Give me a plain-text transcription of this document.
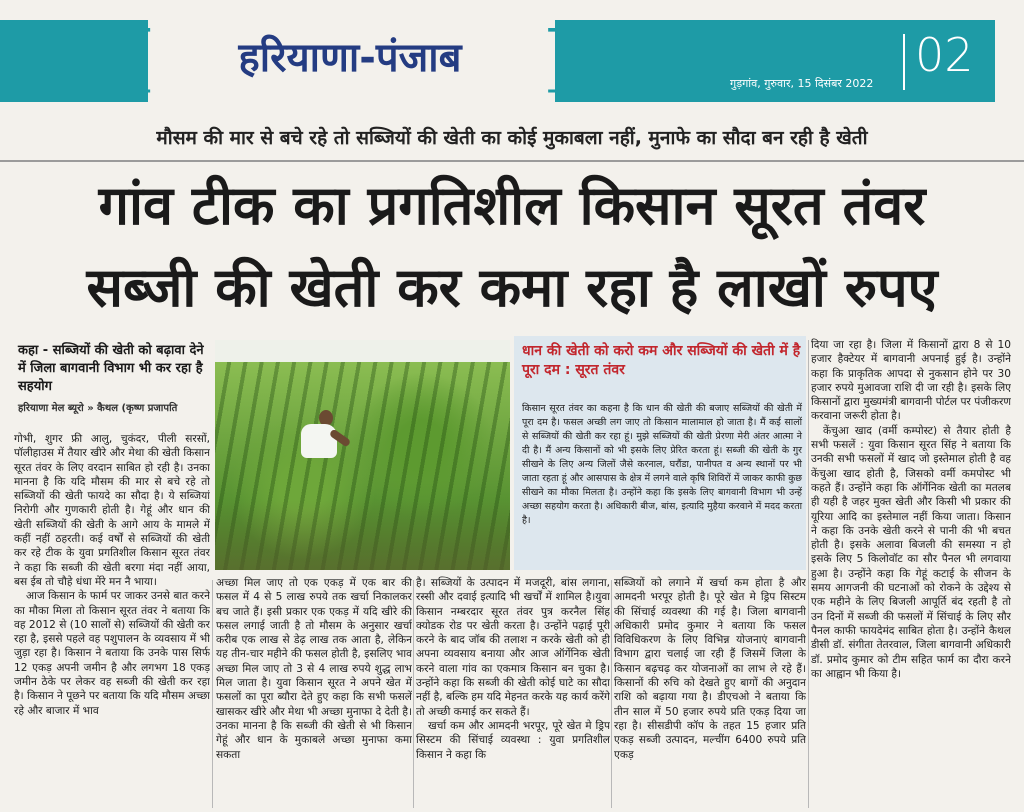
[	]
हरियाणा-पंजाब
गुड़गांव, गुरुवार, 15 दिसंबर 2022
02
मौसम की मार से बचे रहे तो सब्जियों की खेती का कोई मुकाबला नहीं, मुनाफे का सौदा बन रही है खेती
गांव टीक का प्रगतिशील किसान सूरत तंवर
सब्जी की खेती कर कमा रहा है लाखों रुपए
कहा - सब्जियों की खेती को बढ़ावा देने में जिला बागवानी विभाग भी कर रहा है सहयोग
हरियाणा मेल ब्यूरो » कैथल (कृष्ण प्रजापति
धान की खेती को करो कम और सब्जियों की खेती में है पूरा दम : सूरत तंवर
किसान सूरत तंवर का कहना है कि धान की खेती की बजाए सब्जियों की खेती में पूरा दम है। फसल अच्छी लग जाए तो किसान मालामाल हो जाता है। मैं कई सालों से सब्जियों की खेती कर रहा हूं। मुझे सब्जियों की खेती प्रेरणा मेरी अंतर आत्मा ने दी है। मैं अन्य किसानों को भी इसके लिए प्रेरित करता हूं। सब्जी की खेती के गुर सीखने के लिए अन्य जिलों जैसे करनाल, घरौंडा, पानीपत व अन्य स्थानों पर भी जाता रहता हूं और आसपास के क्षेत्र में लगने वाले कृषि शिविरों में जाकर काफी कुछ सीखने का मौका मिलता है। उन्होंने कहा कि इसके लिए बागवानी विभाग भी उन्हें अच्छा सहयोग करता है। अधिकारी बीज, बांस, इत्यादि मुहैया करवाने में मदद करता है।

गोभी, शुगर फ्री आलु, चुकंदर, पीली सरसों, पॉलीहाउस में तैयार खीरे और मेथा की खेती किसान सूरत तंवर के लिए वरदान साबित हो रही है। उनका मानना है कि यदि मौसम की मार से बचे रहे तो सब्जियों की खेती फायदे का सौदा है। ये सब्जियां निरोगी और गुणकारी होती है। गेहूं और धान की खेती सब्जियों की खेती के आगे आय के मामले में कहीं नहीं ठहरती। कई वर्षों से सब्जियों की खेती कर रहे टीक के युवा प्रगतिशील किसान सूरत तंवर ने कहा कि सब्जी की खेती बरगा मंदा नहीं आया, बस ईब तो चौहे धंधा मेंरे मन नै भाया।

आज किसान के फार्म पर जाकर उनसे बात करने का मौका मिला तो किसान सूरत तंवर ने बताया कि वह 2012 से (10 सालों से) सब्जियों की खेती कर रहा है, इससे पहले वह पशुपालन के व्यवसाय में भी जुड़ा रहा है। किसान ने बताया कि उनके पास सिर्फ 12 एकड़ अपनी जमीन है और लगभग 18 एकड़ जमीन ठेके पर लेकर वह सब्जी की खेती कर रहा है। किसान ने पूछने पर बताया कि यदि मौसम अच्छा रहे और बाजार में भाव

अच्छा मिल जाए तो एक एकड़ में एक बार की फसल में 4 से 5 लाख रुपये तक खर्चा निकालकर बच जाते हैं। इसी प्रकार एक एकड़ में यदि खीरे की फसल लगाई जाती है तो मौसम के अनुसार खर्चा करीब एक लाख से डेढ़ लाख तक आता है, लेकिन यह तीन-चार महीने की फसल होती है, इसलिए भाव अच्छा मिल जाए तो 3 से 4 लाख रुपये शुद्ध लाभ मिल जाता है। युवा किसान सूरत ने अपने खेत में फसलों का पूरा ब्यौरा देते हुए कहा कि सभी फसलें खासकर खीरे और मेथा भी अच्छा मुनाफा दे देती है। उनका मानना है कि सब्जी की खेती से भी किसान गेहूं और धान के मुकाबले अच्छा मुनाफा कमा सकता

है। सब्जियों के उत्पादन में मजदूरी, बांस लगाना, रस्सी और दवाई इत्यादि भी खर्चों में शामिल है।युवा किसान नम्बरदार सूरत तंवर पुत्र करनैल सिंह क्योडक रोड पर खेती करता है। उन्होंने पढ़ाई पूरी करने के बाद जॉब की तलाश न करके खेती को ही अपना व्यवसाय बनाया और आज ऑर्गेनिक खेती करने वाला गांव का एकमात्र किसान बन चुका है। उन्होंने कहा कि सब्जी की खेती कोई घाटे का सौदा नहीं है, बल्कि हम यदि मेहनत करके यह कार्य करेंगे तो अच्छी कमाई कर सकते हैं।

खर्चा कम और आमदनी भरपूर, पूरे खेत मे ड्रिप सिस्टम की सिंचाई व्यवस्था : युवा प्रगतिशील किसान ने कहा कि

सब्जियों को लगाने में खर्चा कम होता है और आमदनी भरपूर होती है। पूरे खेत मे ड्रिप सिस्टम की सिंचाई व्यवस्था की गई है। जिला बागवानी अधिकारी प्रमोद कुमार ने बताया कि फसल विविधिकरण के लिए विभिन्न योजनाएं बागवानी विभाग द्वारा चलाई जा रही हैं जिसमें जिला के किसान बढ़चढ़ कर योजनाओं का लाभ ले रहे हैं। किसानों की रुचि को देखते हुए बागों की अनुदान राशि को बढ़ाया गया है। डीएचओ ने बताया कि तीन साल में 50 हजार रुपये प्रति एकड़ दिया जा रहा है। सीसडीपी कॉप के तहत 15 हजार प्रति एकड़ सब्जी उत्पादन, मल्चींग 6400 रुपये प्रति एकड़

दिया जा रहा है। जिला में किसानों द्वारा 8 से 10 हजार हैक्टेयर में बागवानी अपनाई हुई है। उन्होंने कहा कि प्राकृतिक आपदा से नुकसान होने पर 30 हजार रुपये मुआवजा राशि दी जा रही है। इसके लिए किसानों द्वारा मुख्यमंत्री बागवानी पोर्टल पर पंजीकरण करवाना जरूरी होता है।

केंचुआ खाद (वर्मी कम्पोस्ट) से तैयार होती है सभी फसलें : युवा किसान सूरत सिंह ने बताया कि उनकी सभी फसलों में खाद जो इस्तेमाल होती है वह केंचुआ खाद होती है, जिसको वर्मी कमपोस्ट भी कहते हैं। उन्होंने कहा कि ऑर्गेनिक खेती का मतलब ही यही है जहर मुक्त खेती और किसी भी प्रकार की यूरिया आदि का इस्तेमाल नहीं किया जाता। किसान ने कहा कि उनके खेती करने से पानी की भी बचत होती है। इसके अलावा बिजली की समस्या न हो इसके लिए 5 किलोवॉट का सौर पैनल भी लगवाया हुआ है। उन्होंने कहा कि गेहूं कटाई के सीजन के समय आगजनी की घटनाओं को रोकने के उद्देश्य से एक महीने के लिए बिजली आपूर्ति बंद रहती है तो उन दिनों में सब्जी की फसलों में सिंचाई के लिए सौर पैनल काफी फायदेमंद साबित होता है। उन्होंने कैथल डीसी डॉ. संगीता तेतरवाल, जिला बागवानी अधिकारी डॉ. प्रमोद कुमार को टीम सहित फार्म का दौरा करने का आह्वान भी किया है।
